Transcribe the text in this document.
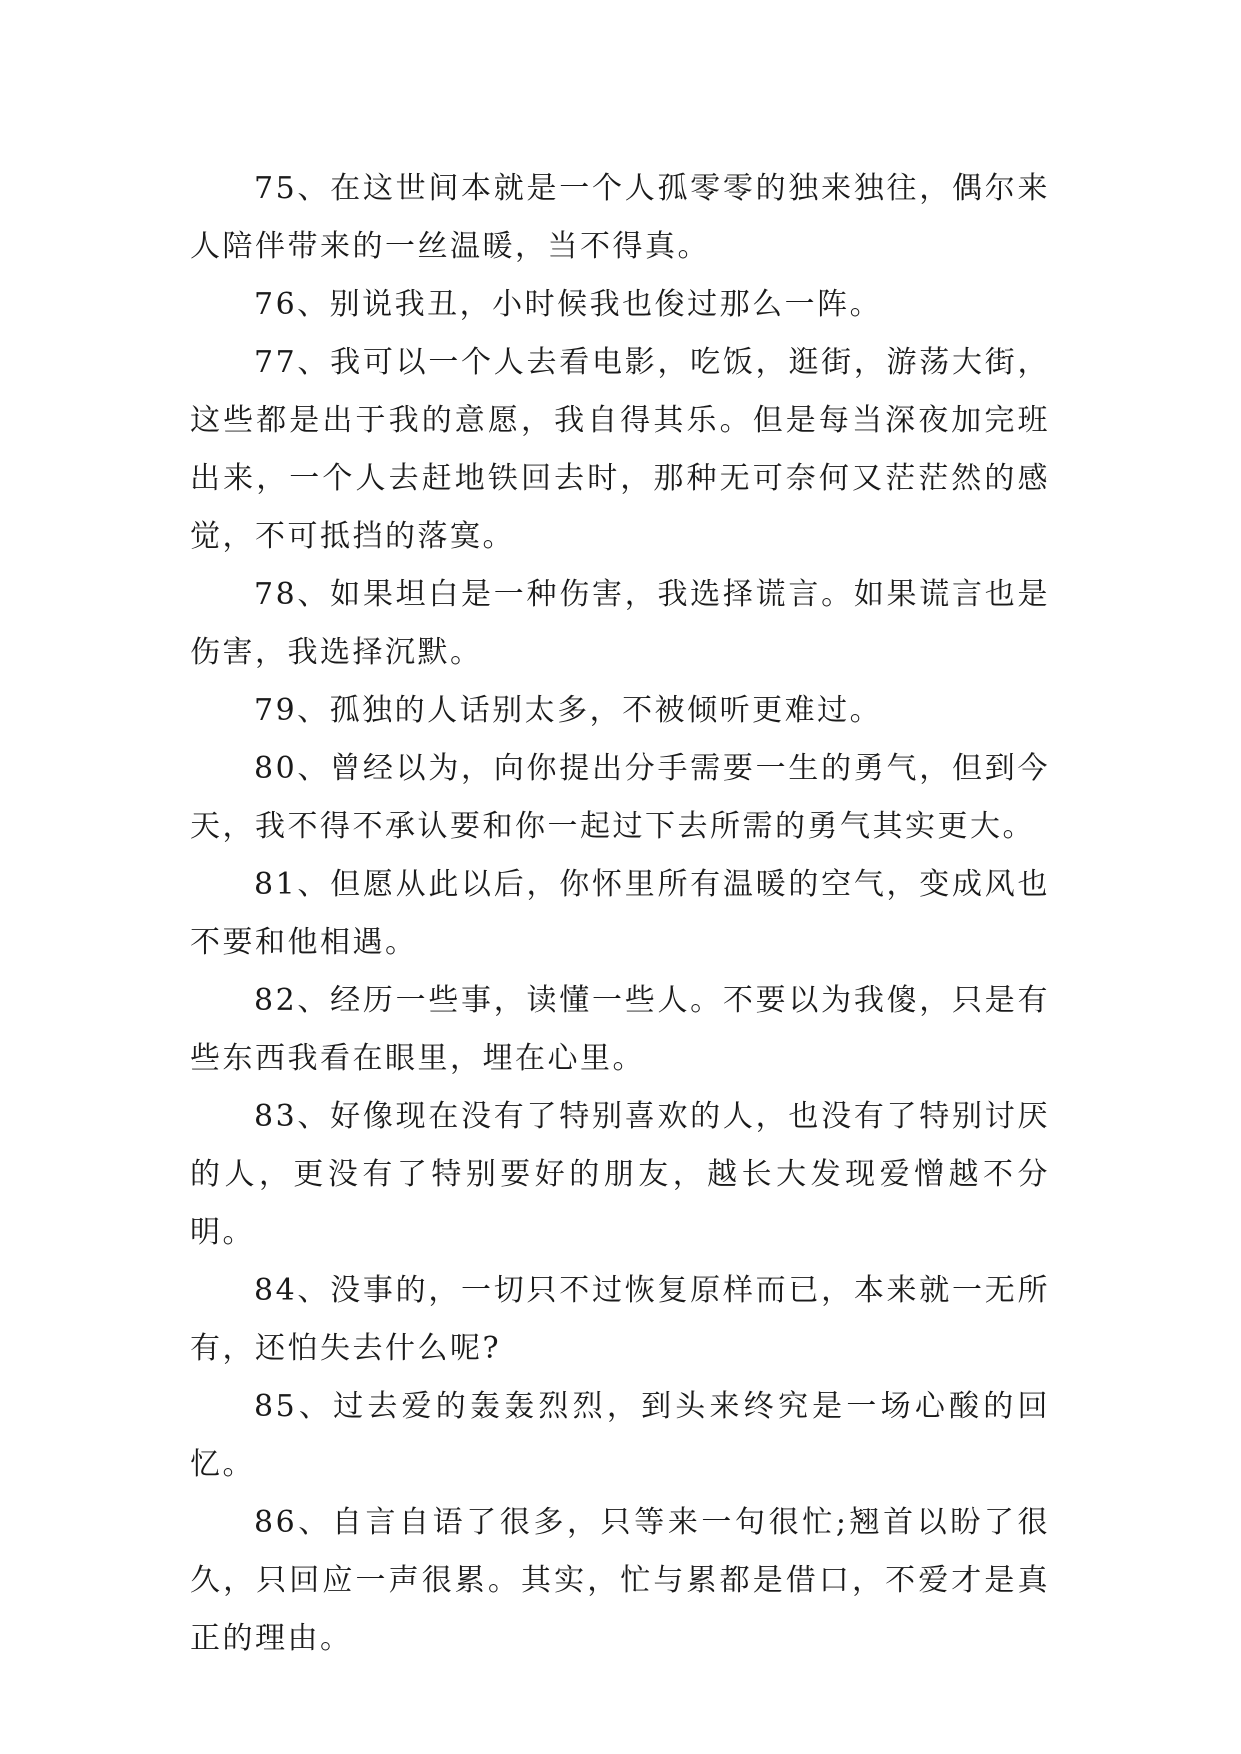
75、在这世间本就是一个人孤零零的独来独往，偶尔来人陪伴带来的一丝温暖，当不得真。

76、别说我丑，小时候我也俊过那么一阵。

77、我可以一个人去看电影，吃饭，逛街，游荡大街，这些都是出于我的意愿，我自得其乐。但是每当深夜加完班出来，一个人去赶地铁回去时，那种无可奈何又茫茫然的感觉，不可抵挡的落寞。

78、如果坦白是一种伤害，我选择谎言。如果谎言也是伤害，我选择沉默。

79、孤独的人话别太多，不被倾听更难过。

80、曾经以为，向你提出分手需要一生的勇气，但到今天，我不得不承认要和你一起过下去所需的勇气其实更大。

81、但愿从此以后，你怀里所有温暖的空气，变成风也不要和他相遇。

82、经历一些事，读懂一些人。不要以为我傻，只是有些东西我看在眼里，埋在心里。

83、好像现在没有了特别喜欢的人，也没有了特别讨厌的人，更没有了特别要好的朋友，越长大发现爱憎越不分明。

84、没事的，一切只不过恢复原样而已，本来就一无所有，还怕失去什么呢?

85、过去爱的轰轰烈烈，到头来终究是一场心酸的回忆。

86、自言自语了很多，只等来一句很忙;翘首以盼了很久，只回应一声很累。其实，忙与累都是借口，不爱才是真正的理由。
